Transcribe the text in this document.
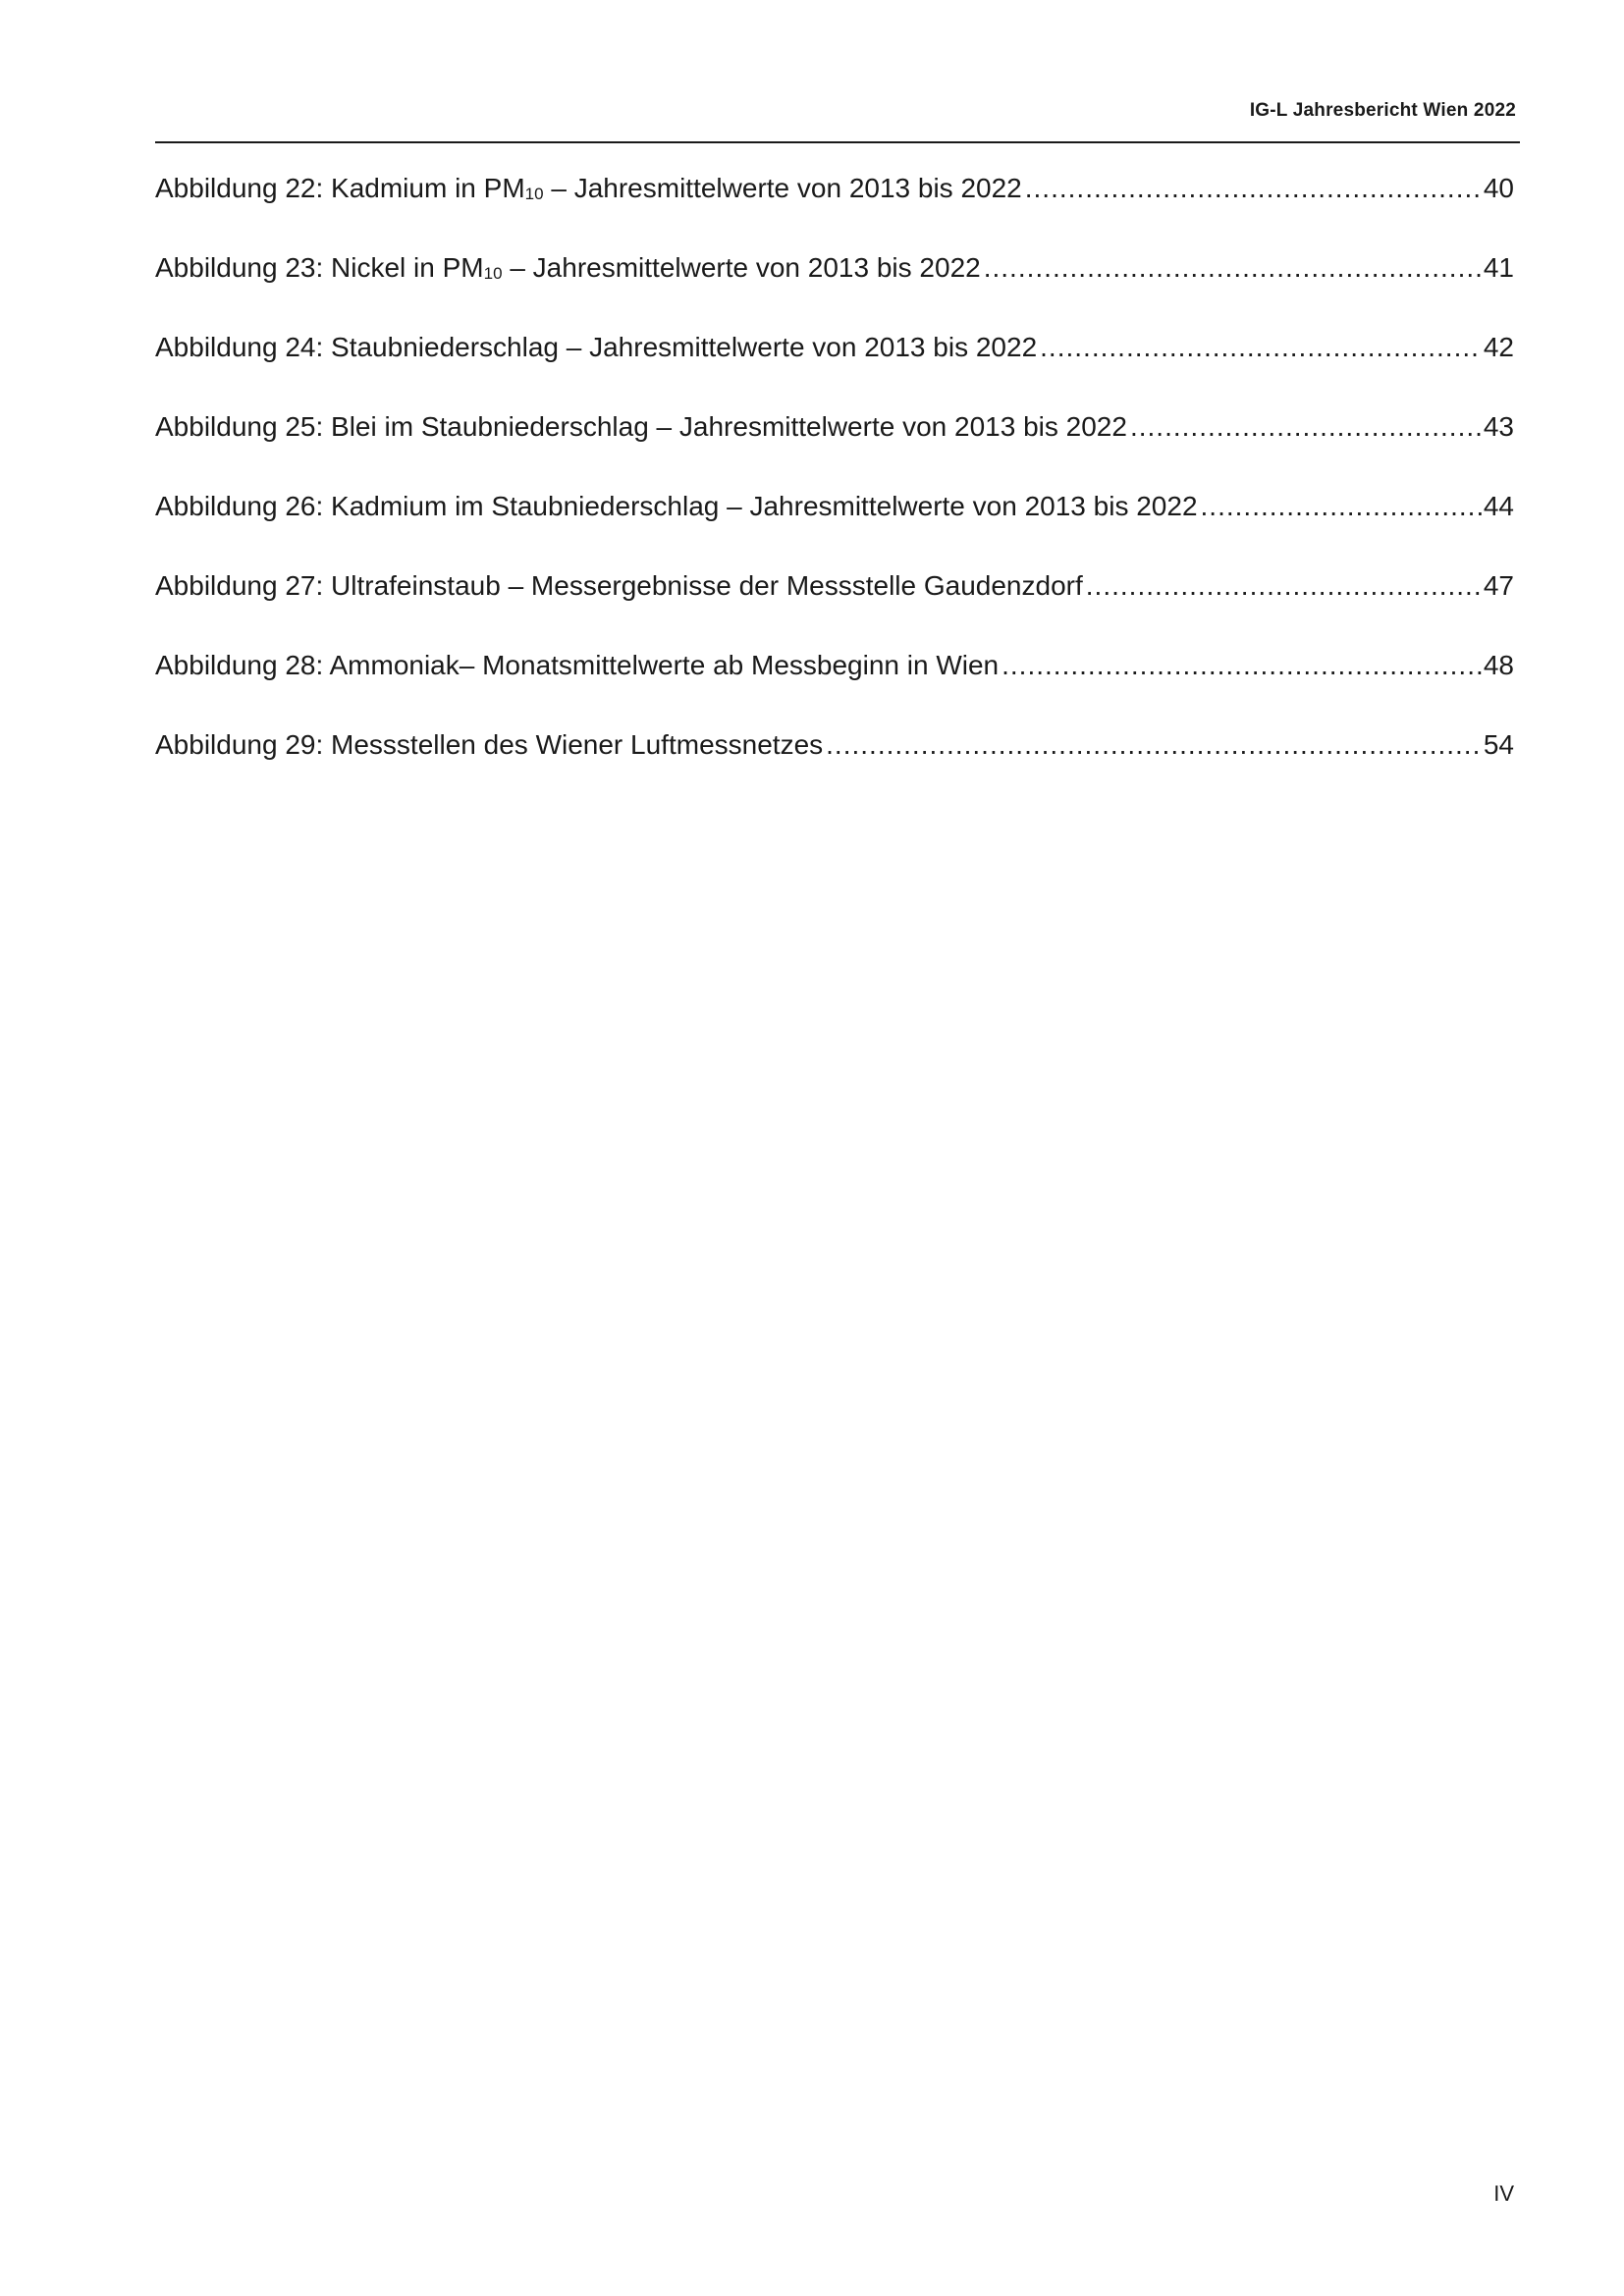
IG-L Jahresbericht Wien 2022
Abbildung 22: Kadmium in $PM_{10}$ – Jahresmittelwerte von 2013 bis 2022 .....	40
Abbildung 23: Nickel in $PM_{10}$ – Jahresmittelwerte von 2013 bis 2022 .....	41
Abbildung 24: Staubniederschlag – Jahresmittelwerte von 2013 bis 2022 .....	42
Abbildung 25: Blei im Staubniederschlag – Jahresmittelwerte von 2013 bis 2022 .....	43
Abbildung 26: Kadmium im Staubniederschlag – Jahresmittelwerte von 2013 bis 2022 .....	44
Abbildung 27: Ultrafeinstaub – Messergebnisse der Messstelle Gaudenzdorf .....	47
Abbildung 28: Ammoniak– Monatsmittelwerte ab Messbeginn in Wien .....	48
Abbildung 29: Messstellen des Wiener Luftmessnetzes .....	54
IV
